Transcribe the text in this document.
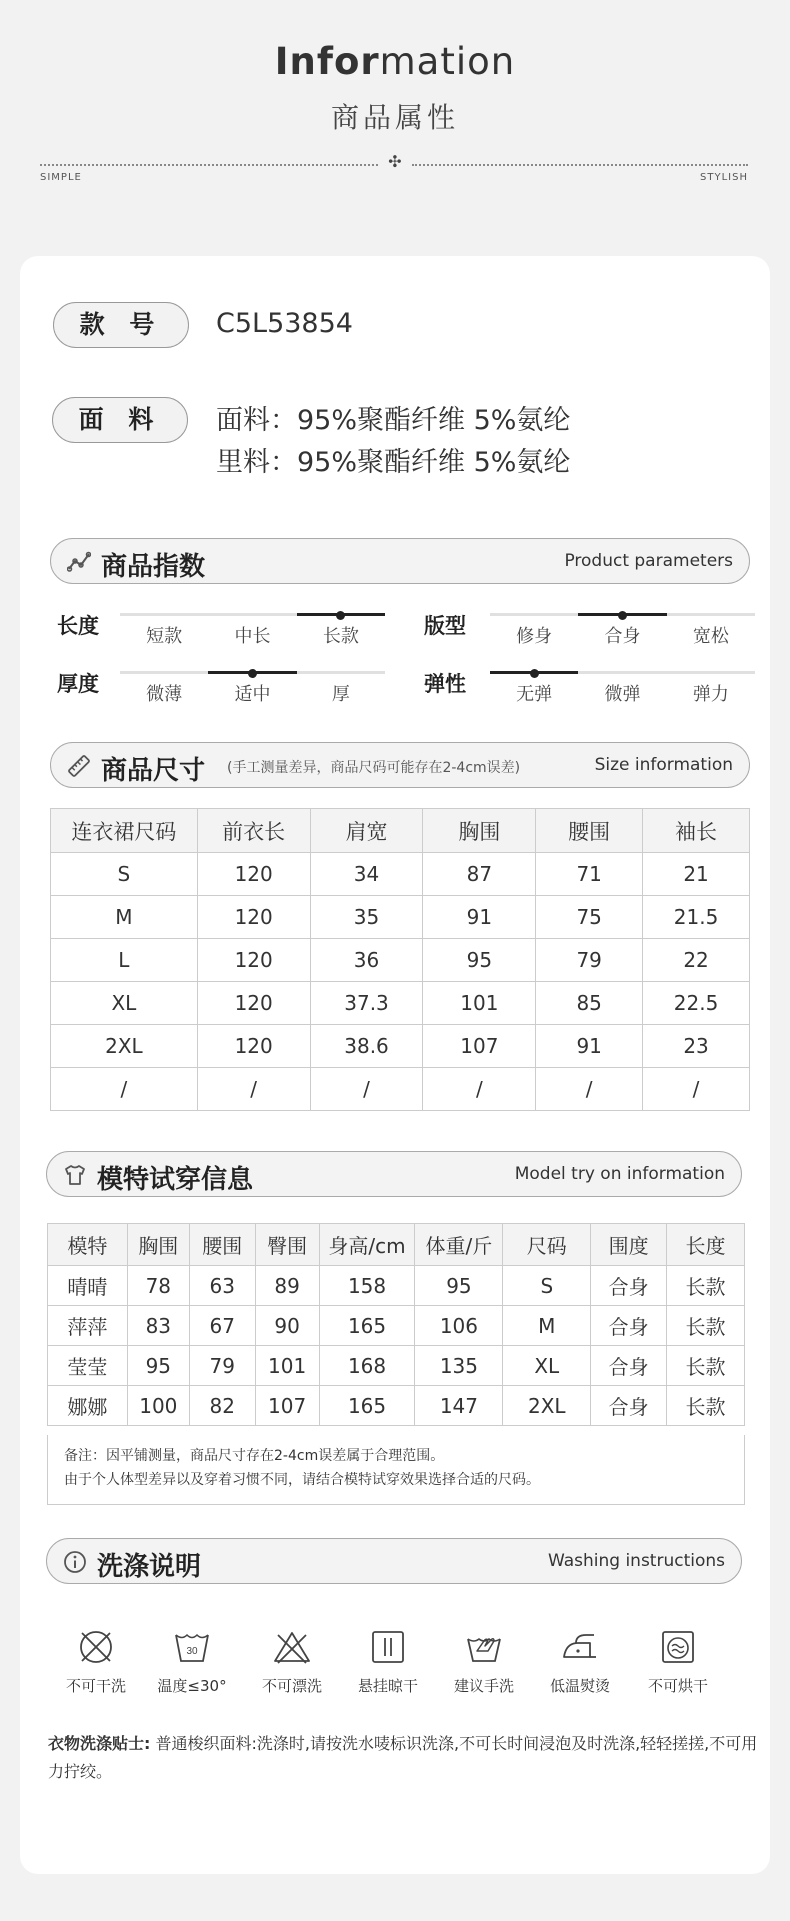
Information
商品属性
✣
SIMPLE	STYLISH
款 号	C5L53854
面 料	面料：95%聚酯纤维 5%氨纶
里料：95%聚酯纤维 5%氨纶
商品指数	Product parameters
长度	短款	中长	长款	版型	修身	合身	宽松
厚度	微薄	适中	厚	弹性	无弹	微弹	弹力
商品尺寸 (手工测量差异，商品尺码可能存在2-4cm误差)	Size information
连衣裙尺码	前衣长	肩宽	胸围	腰围	袖长
S	120	34	87	71	21
M	120	35	91	75	21.5
L	120	36	95	79	22
XL	120	37.3	101	85	22.5
2XL	120	38.6	107	91	23
/	/	/	/	/	/
模特试穿信息	Model try on information
模特	胸围	腰围	臀围	身高/cm	体重/斤	尺码	围度	长度
晴晴	78	63	89	158	95	S	合身	长款
萍萍	83	67	90	165	106	M	合身	长款
莹莹	95	79	101	168	135	XL	合身	长款
娜娜	100	82	107	165	147	2XL	合身	长款
备注：因平铺测量，商品尺寸存在2-4cm误差属于合理范围。
由于个人体型差异以及穿着习惯不同，请结合模特试穿效果选择合适的尺码。
洗涤说明	Washing instructions
不可干洗
30
温度≤30°	不可漂洗	悬挂晾干	建议手洗	低温熨烫	不可烘干
衣物洗涤贴士: 普通梭织面料:洗涤时,请按洗水唛标识洗涤,不可长时间浸泡及时洗涤,轻轻搓搓,不可用力拧绞。
